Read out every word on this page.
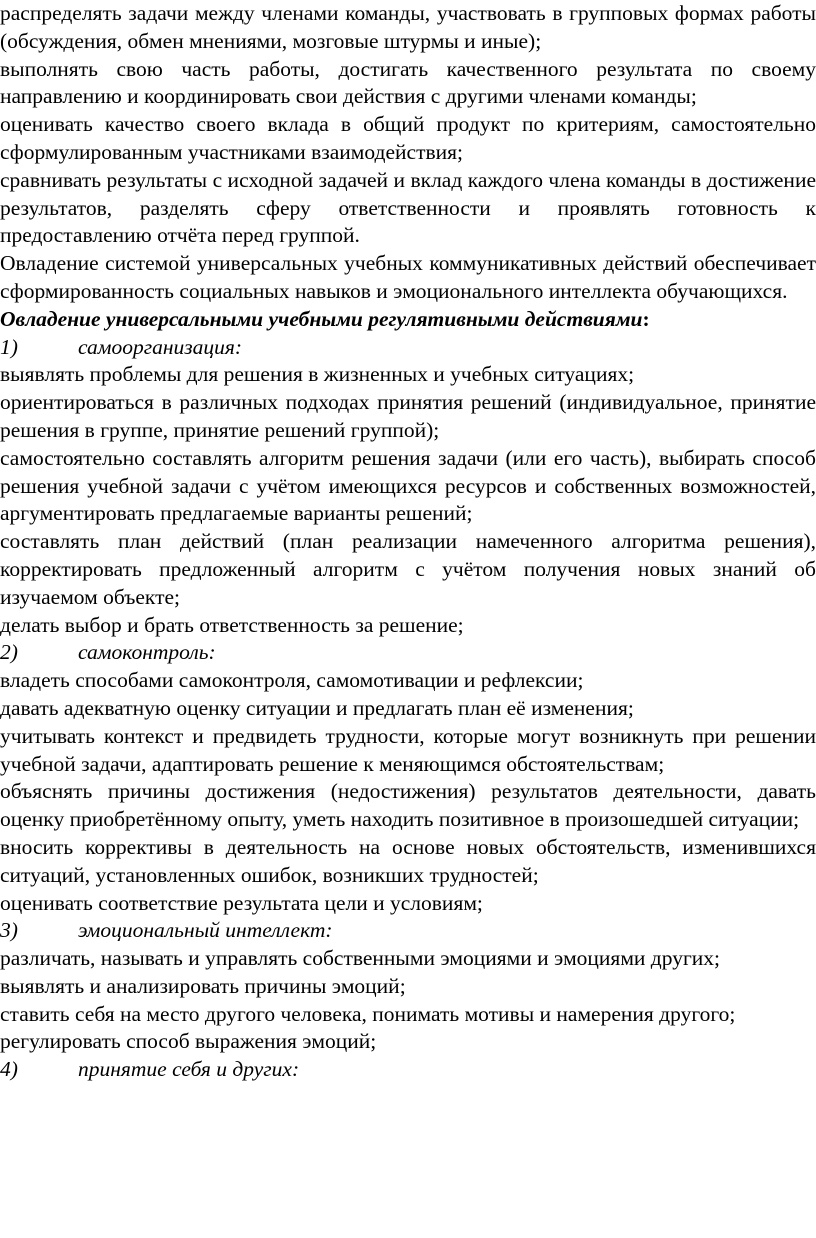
распределять задачи между членами команды, участвовать в групповых формах работы (обсуждения, обмен мнениями, мозговые штурмы и иные);

выполнять свою часть работы, достигать качественного результата по своему направлению и координировать свои действия с другими членами команды;

оценивать качество своего вклада в общий продукт по критериям, самостоятельно сформулированным участниками взаимодействия;

сравнивать результаты с исходной задачей и вклад каждого члена команды в достижение результатов, разделять сферу ответственности и проявлять готовность к предоставлению отчёта перед группой.

Овладение системой универсальных учебных коммуникативных действий обеспечивает сформированность социальных навыков и эмоционального интеллекта обучающихся.

Овладение универсальными учебными регулятивными действиями:

1)	самоорганизация:

выявлять проблемы для решения в жизненных и учебных ситуациях;

ориентироваться в различных подходах принятия решений (индивидуальное, принятие решения в группе, принятие решений группой);

самостоятельно составлять алгоритм решения задачи (или его часть), выбирать способ решения учебной задачи с учётом имеющихся ресурсов и собственных возможностей, аргументировать предлагаемые варианты решений;

составлять план действий (план реализации намеченного алгоритма решения), корректировать предложенный алгоритм с учётом получения новых знаний об изучаемом объекте;

делать выбор и брать ответственность за решение;

2)	самоконтроль:

владеть способами самоконтроля, самомотивации и рефлексии;

давать адекватную оценку ситуации и предлагать план её изменения;

учитывать контекст и предвидеть трудности, которые могут возникнуть при решении учебной задачи, адаптировать решение к меняющимся обстоятельствам;

объяснять причины достижения (недостижения) результатов деятельности, давать оценку приобретённому опыту, уметь находить позитивное в произошедшей ситуации;

вносить коррективы в деятельность на основе новых обстоятельств, изменившихся ситуаций, установленных ошибок, возникших трудностей;

оценивать соответствие результата цели и условиям;

3)	эмоциональный интеллект:

различать, называть и управлять собственными эмоциями и эмоциями других;

выявлять и анализировать причины эмоций;

ставить себя на место другого человека, понимать мотивы и намерения другого;

регулировать способ выражения эмоций;

4)	принятие себя и других:
